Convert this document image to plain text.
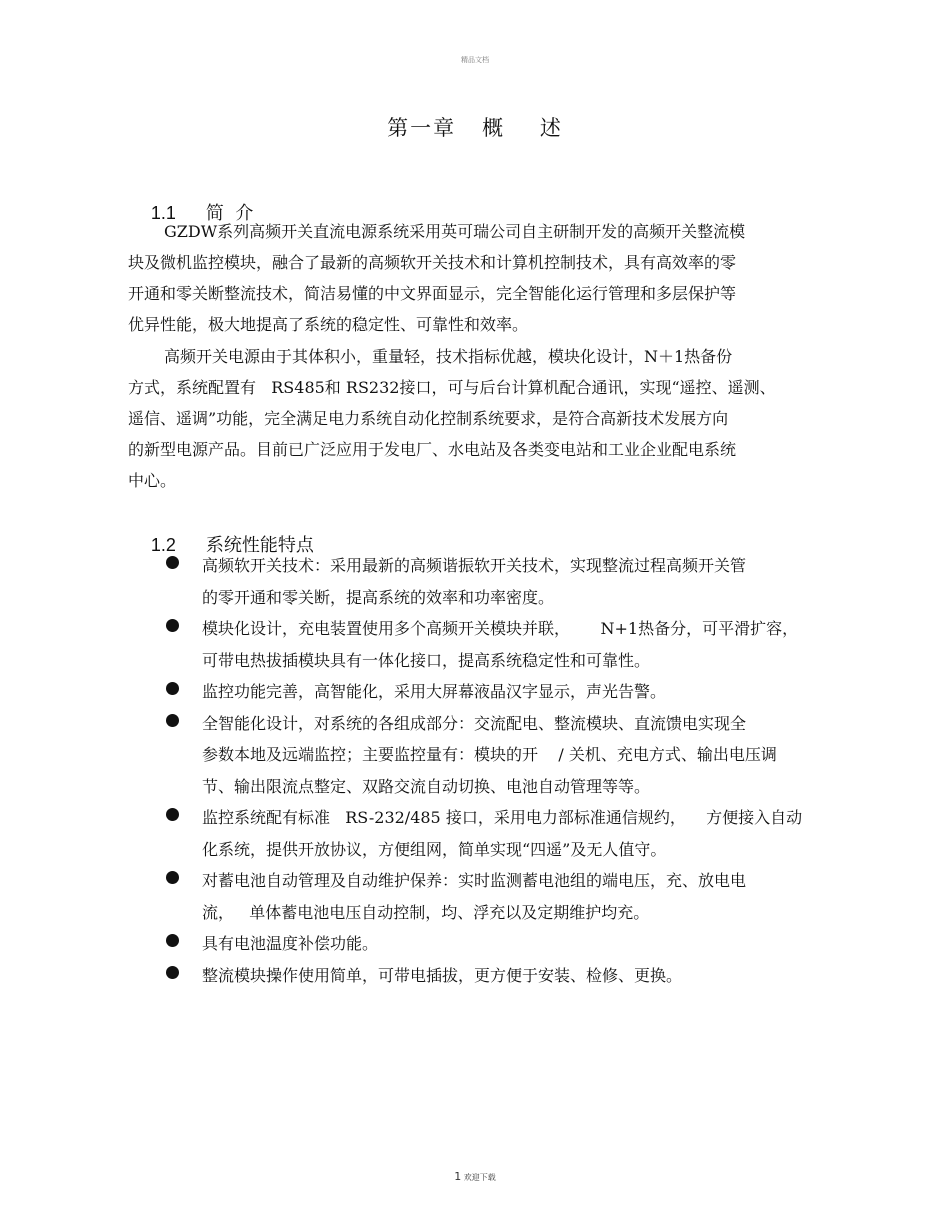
精品文档
第一章   概    述

1.1 简  介

GZDW系列高频开关直流电源系统采用英可瑞公司自主研制开发的高频开关整流模
块及微机监控模块，融合了最新的高频软开关技术和计算机控制技术，具有高效率的零
开通和零关断整流技术，简洁易懂的中文界面显示，完全智能化运行管理和多层保护等
优异性能，极大地提高了系统的稳定性、可靠性和效率。
高频开关电源由于其体积小，重量轻，技术指标优越，模块化设计，N＋1热备份
方式，系统配置有   RS485和 RS232接口，可与后台计算机配合通讯，实现“遥控、遥测、
遥信、遥调”功能，完全满足电力系统自动化控制系统要求，是符合高新技术发展方向
的新型电源产品。目前已广泛应用于发电厂、水电站及各类变电站和工业企业配电系统
中心。

1.2 系统性能特点

高频软开关技术：采用最新的高频谐振软开关技术，实现整流过程高频开关管
的零开通和零关断，提高系统的效率和功率密度。
模块化设计，充电装置使用多个高频开关模块并联，      N+1热备分，可平滑扩容，
可带电热拔插模块具有一体化接口，提高系统稳定性和可靠性。
监控功能完善，高智能化，采用大屏幕液晶汉字显示，声光告警。
全智能化设计，对系统的各组成部分：交流配电、整流模块、直流馈电实现全
参数本地及远端监控；主要监控量有：模块的开    / 关机、充电方式、输出电压调
节、输出限流点整定、双路交流自动切换、电池自动管理等等。
监控系统配有标准   RS-232/485 接口，采用电力部标准通信规约，    方便接入自动
化系统，提供开放协议，方便组网，简单实现“四遥”及无人值守。
对蓄电池自动管理及自动维护保养：实时监测蓄电池组的端电压，充、放电电
流，   单体蓄电池电压自动控制，均、浮充以及定期维护均充。
具有电池温度补偿功能。
整流模块操作使用简单，可带电插拔，更方便于安装、检修、更换。
1 欢迎下载
